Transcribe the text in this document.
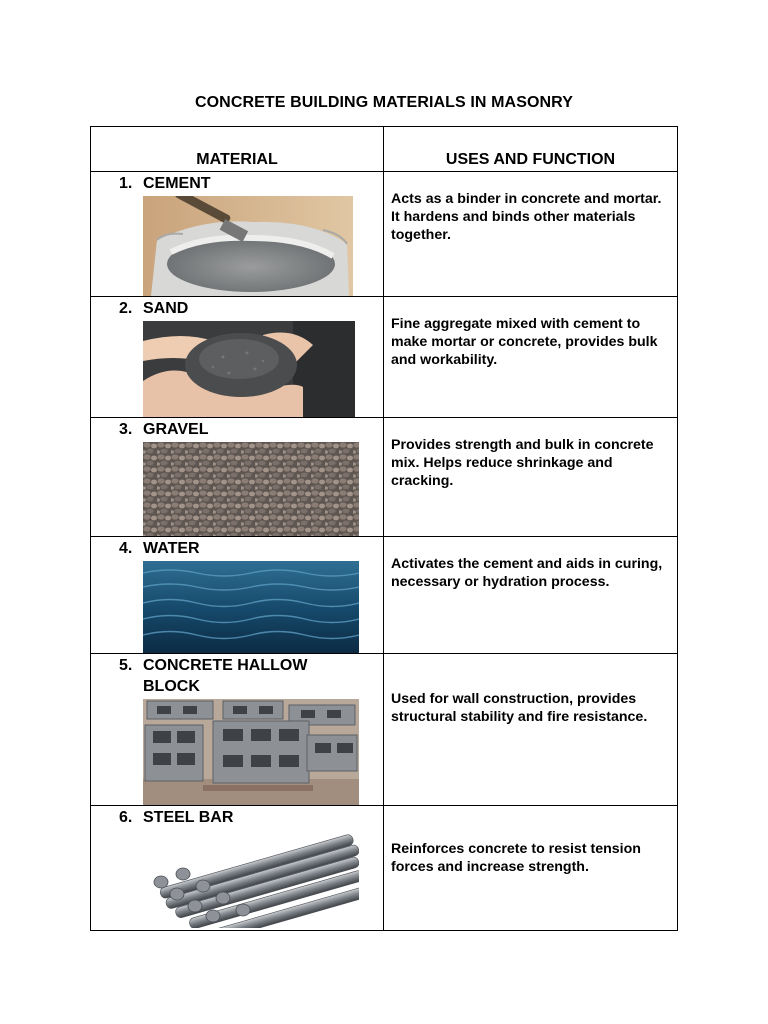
CONCRETE BUILDING MATERIALS IN MASONRY
MATERIAL	USES AND FUNCTION

1. CEMENT	Acts as a binder in concrete and mortar. It hardens and binds other materials together.

2. SAND	Fine aggregate mixed with cement to make mortar or concrete, provides bulk and workability.

3. GRAVEL	Provides strength and bulk in concrete mix. Helps reduce shrinkage and cracking.

4. WATER	Activates the cement and aids in curing, necessary or hydration process.

5. CONCRETE HALLOW BLOCK	Used for wall construction, provides structural stability and fire resistance.

6. STEEL BAR	Reinforces concrete to resist tension forces and increase strength.
